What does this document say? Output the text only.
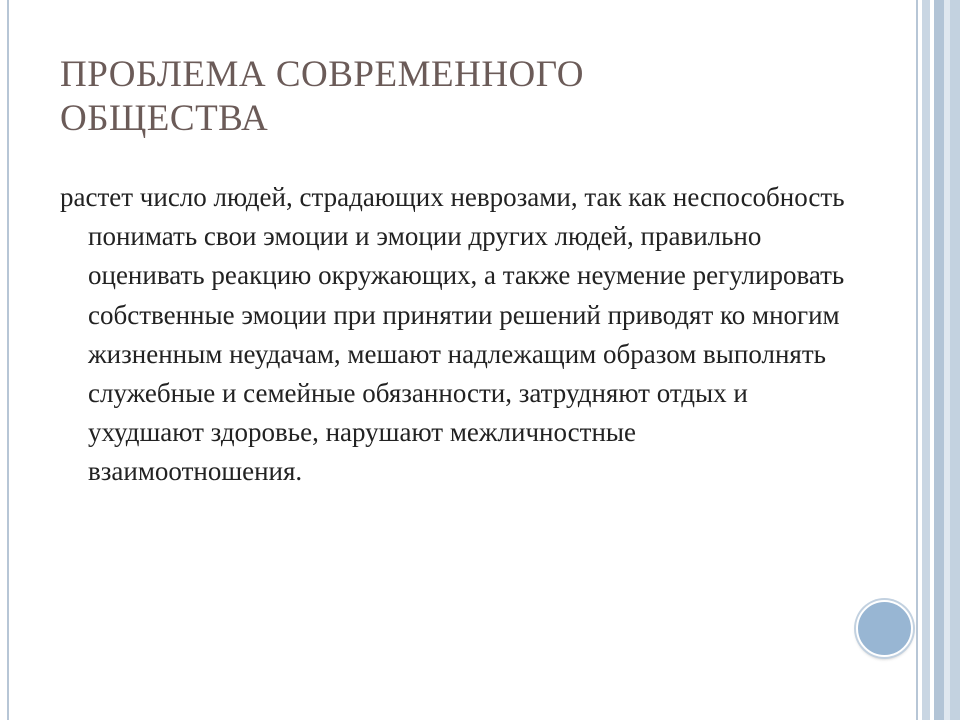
ПРОБЛЕМА СОВРЕМЕННОГО
ОБЩЕСТВА

растет число людей, страдающих неврозами, так как неспособность понимать свои эмоции и эмоции других людей, правильно оценивать реакцию окружающих, а также неумение регулировать собственные эмоции при принятии решений приводят ко многим жизненным неудачам, мешают надлежащим образом выполнять служебные и семейные обязанности, затрудняют отдых и ухудшают здоровье, нарушают межличностные взаимоотношения.
